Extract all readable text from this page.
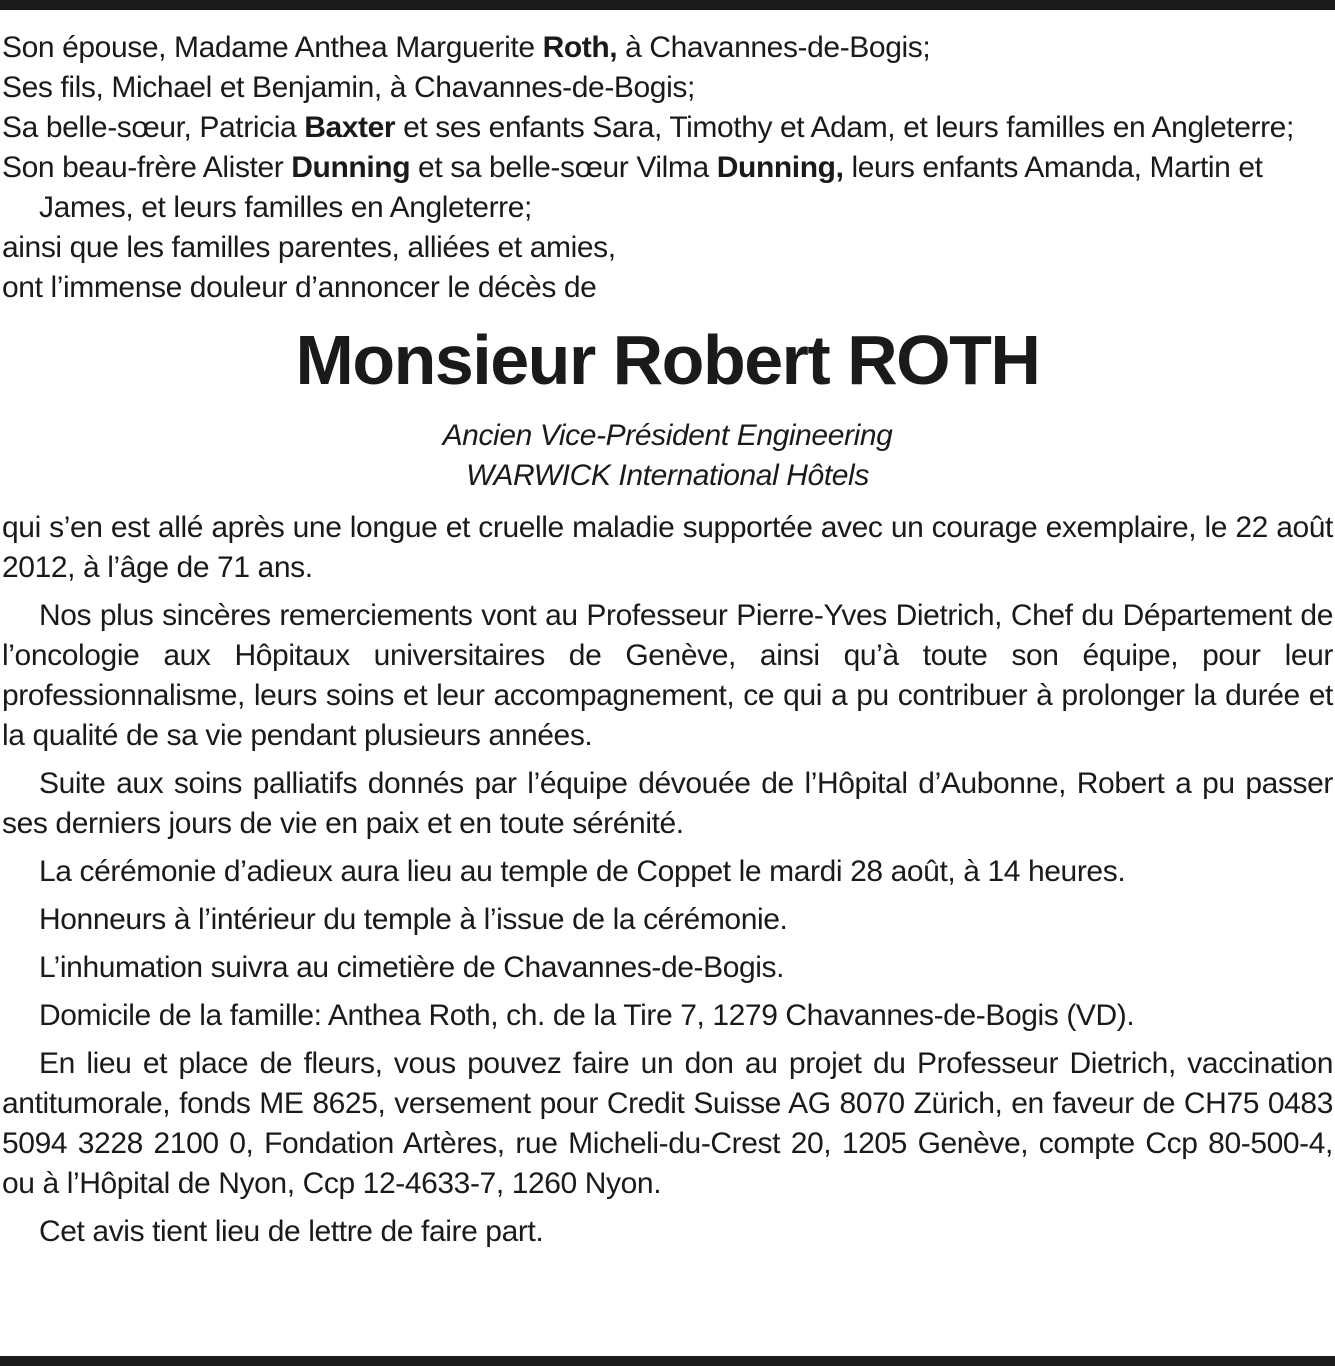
Son épouse, Madame Anthea Marguerite Roth, à Chavannes-de-Bogis;

Ses fils, Michael et Benjamin, à Chavannes-de-Bogis;

Sa belle-sœur, Patricia Baxter et ses enfants Sara, Timothy et Adam, et leurs familles en Angleterre;

Son beau-frère Alister Dunning et sa belle-sœur Vilma Dunning, leurs enfants Amanda, Martin et James, et leurs familles en Angleterre;

ainsi que les familles parentes, alliées et amies,

ont l’immense douleur d’annoncer le décès de

Monsieur Robert ROTH
Ancien Vice-Président Engineering
WARWICK International Hôtels

qui s’en est allé après une longue et cruelle maladie supportée avec un courage exemplaire, le 22 août 2012, à l’âge de 71 ans.

Nos plus sincères remerciements vont au Professeur Pierre-Yves Dietrich, Chef du Département de l’oncologie aux Hôpitaux universitaires de Genève, ainsi qu’à toute son équipe, pour leur professionnalisme, leurs soins et leur accompagnement, ce qui a pu contribuer à prolonger la durée et la qualité de sa vie pendant plusieurs années.

Suite aux soins palliatifs donnés par l’équipe dévouée de l’Hôpital d’Aubonne, Robert a pu passer ses derniers jours de vie en paix et en toute sérénité.

La cérémonie d’adieux aura lieu au temple de Coppet le mardi 28 août, à 14 heures.

Honneurs à l’intérieur du temple à l’issue de la cérémonie.

L’inhumation suivra au cimetière de Chavannes-de-Bogis.

Domicile de la famille: Anthea Roth, ch. de la Tire 7, 1279 Chavannes-de-Bogis (VD).

En lieu et place de fleurs, vous pouvez faire un don au projet du Professeur Dietrich, vaccination antitumorale, fonds ME 8625, versement pour Credit Suisse AG 8070 Zürich, en faveur de CH75 0483 5094 3228 2100 0, Fondation Artères, rue Micheli-du-Crest 20, 1205 Genève, compte Ccp 80-500-4, ou à l’Hôpital de Nyon, Ccp 12-4633-7, 1260 Nyon.

Cet avis tient lieu de lettre de faire part.
